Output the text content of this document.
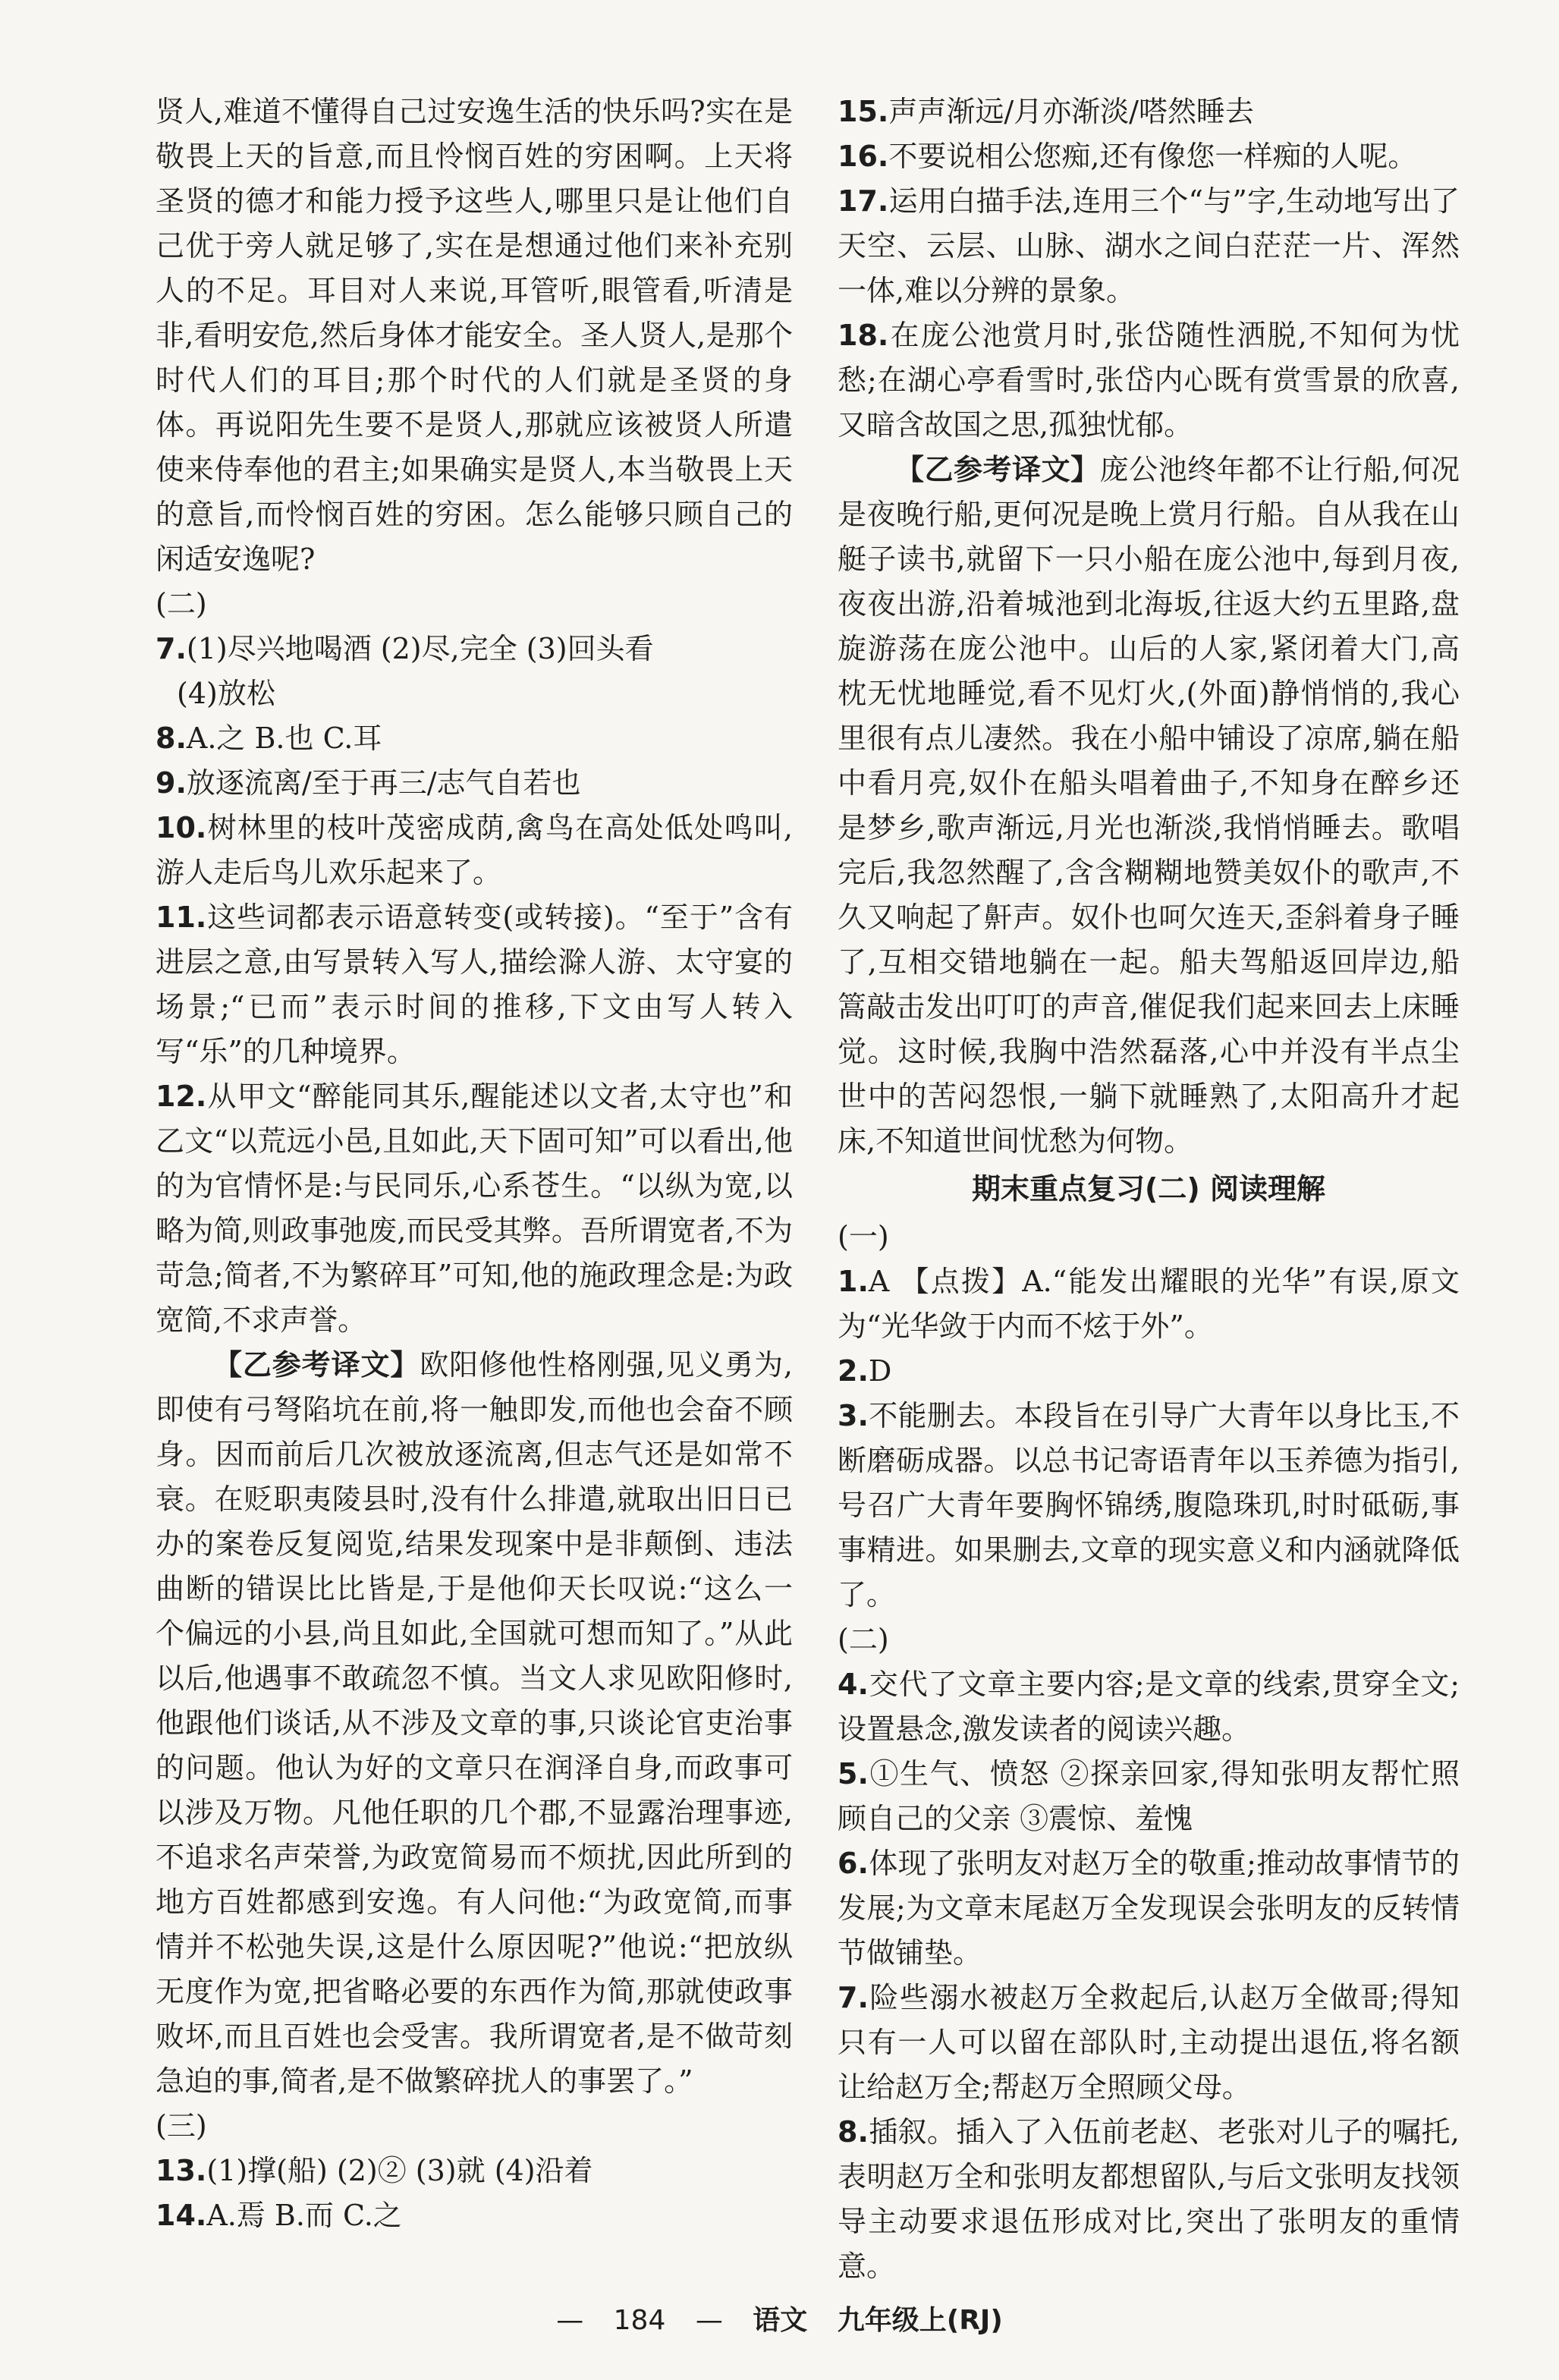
贤人,难道不懂得自己过安逸生活的快乐吗?实在是敬畏上天的旨意,而且怜悯百姓的穷困啊。上天将圣贤的德才和能力授予这些人,哪里只是让他们自己优于旁人就足够了,实在是想通过他们来补充别人的不足。耳目对人来说,耳管听,眼管看,听清是非,看明安危,然后身体才能安全。圣人贤人,是那个时代人们的耳目;那个时代的人们就是圣贤的身体。再说阳先生要不是贤人,那就应该被贤人所遣使来侍奉他的君主;如果确实是贤人,本当敬畏上天的意旨,而怜悯百姓的穷困。怎么能够只顾自己的闲适安逸呢?

(二)

7.(1)尽兴地喝酒 (2)尽,完全 (3)回头看

(4)放松

8.A.之 B.也 C.耳

9.放逐流离/至于再三/志气自若也

10.树林里的枝叶茂密成荫,禽鸟在高处低处鸣叫,游人走后鸟儿欢乐起来了。

11.这些词都表示语意转变(或转接)。“至于”含有进层之意,由写景转入写人,描绘滁人游、太守宴的场景;“已而”表示时间的推移,下文由写人转入写“乐”的几种境界。

12.从甲文“醉能同其乐,醒能述以文者,太守也”和乙文“以荒远小邑,且如此,天下固可知”可以看出,他的为官情怀是:与民同乐,心系苍生。“以纵为宽,以略为简,则政事弛废,而民受其弊。吾所谓宽者,不为苛急;简者,不为繁碎耳”可知,他的施政理念是:为政宽简,不求声誉。

【乙参考译文】欧阳修他性格刚强,见义勇为,即使有弓弩陷坑在前,将一触即发,而他也会奋不顾身。因而前后几次被放逐流离,但志气还是如常不衰。在贬职夷陵县时,没有什么排遣,就取出旧日已办的案卷反复阅览,结果发现案中是非颠倒、违法曲断的错误比比皆是,于是他仰天长叹说:“这么一个偏远的小县,尚且如此,全国就可想而知了。”从此以后,他遇事不敢疏忽不慎。当文人求见欧阳修时,他跟他们谈话,从不涉及文章的事,只谈论官吏治事的问题。他认为好的文章只在润泽自身,而政事可以涉及万物。凡他任职的几个郡,不显露治理事迹,不追求名声荣誉,为政宽简易而不烦扰,因此所到的地方百姓都感到安逸。有人问他:“为政宽简,而事情并不松弛失误,这是什么原因呢?”他说:“把放纵无度作为宽,把省略必要的东西作为简,那就使政事败坏,而且百姓也会受害。我所谓宽者,是不做苛刻急迫的事,简者,是不做繁碎扰人的事罢了。”

(三)

13.(1)撑(船) (2)② (3)就 (4)沿着

14.A.焉 B.而 C.之

15.声声渐远/月亦渐淡/嗒然睡去

16.不要说相公您痴,还有像您一样痴的人呢。

17.运用白描手法,连用三个“与”字,生动地写出了天空、云层、山脉、湖水之间白茫茫一片、浑然一体,难以分辨的景象。

18.在庞公池赏月时,张岱随性洒脱,不知何为忧愁;在湖心亭看雪时,张岱内心既有赏雪景的欣喜,又暗含故国之思,孤独忧郁。

【乙参考译文】庞公池终年都不让行船,何况是夜晚行船,更何况是晚上赏月行船。自从我在山艇子读书,就留下一只小船在庞公池中,每到月夜,夜夜出游,沿着城池到北海坂,往返大约五里路,盘旋游荡在庞公池中。山后的人家,紧闭着大门,高枕无忧地睡觉,看不见灯火,(外面)静悄悄的,我心里很有点儿凄然。我在小船中铺设了凉席,躺在船中看月亮,奴仆在船头唱着曲子,不知身在醉乡还是梦乡,歌声渐远,月光也渐淡,我悄悄睡去。歌唱完后,我忽然醒了,含含糊糊地赞美奴仆的歌声,不久又响起了鼾声。奴仆也呵欠连天,歪斜着身子睡了,互相交错地躺在一起。船夫驾船返回岸边,船篙敲击发出叮叮的声音,催促我们起来回去上床睡觉。这时候,我胸中浩然磊落,心中并没有半点尘世中的苦闷怨恨,一躺下就睡熟了,太阳高升才起床,不知道世间忧愁为何物。

期末重点复习(二) 阅读理解

(一)

1.A 【点拨】A.“能发出耀眼的光华”有误,原文为“光华敛于内而不炫于外”。

2.D

3.不能删去。本段旨在引导广大青年以身比玉,不断磨砺成器。以总书记寄语青年以玉养德为指引,号召广大青年要胸怀锦绣,腹隐珠玑,时时砥砺,事事精进。如果删去,文章的现实意义和内涵就降低了。

(二)

4.交代了文章主要内容;是文章的线索,贯穿全文;设置悬念,激发读者的阅读兴趣。

5.①生气、愤怒 ②探亲回家,得知张明友帮忙照顾自己的父亲 ③震惊、羞愧

6.体现了张明友对赵万全的敬重;推动故事情节的发展;为文章末尾赵万全发现误会张明友的反转情节做铺垫。

7.险些溺水被赵万全救起后,认赵万全做哥;得知只有一人可以留在部队时,主动提出退伍,将名额让给赵万全;帮赵万全照顾父母。

8.插叙。插入了入伍前老赵、老张对儿子的嘱托,表明赵万全和张明友都想留队,与后文张明友找领导主动要求退伍形成对比,突出了张明友的重情意。

— 184 — 语文 九年级上(RJ)
